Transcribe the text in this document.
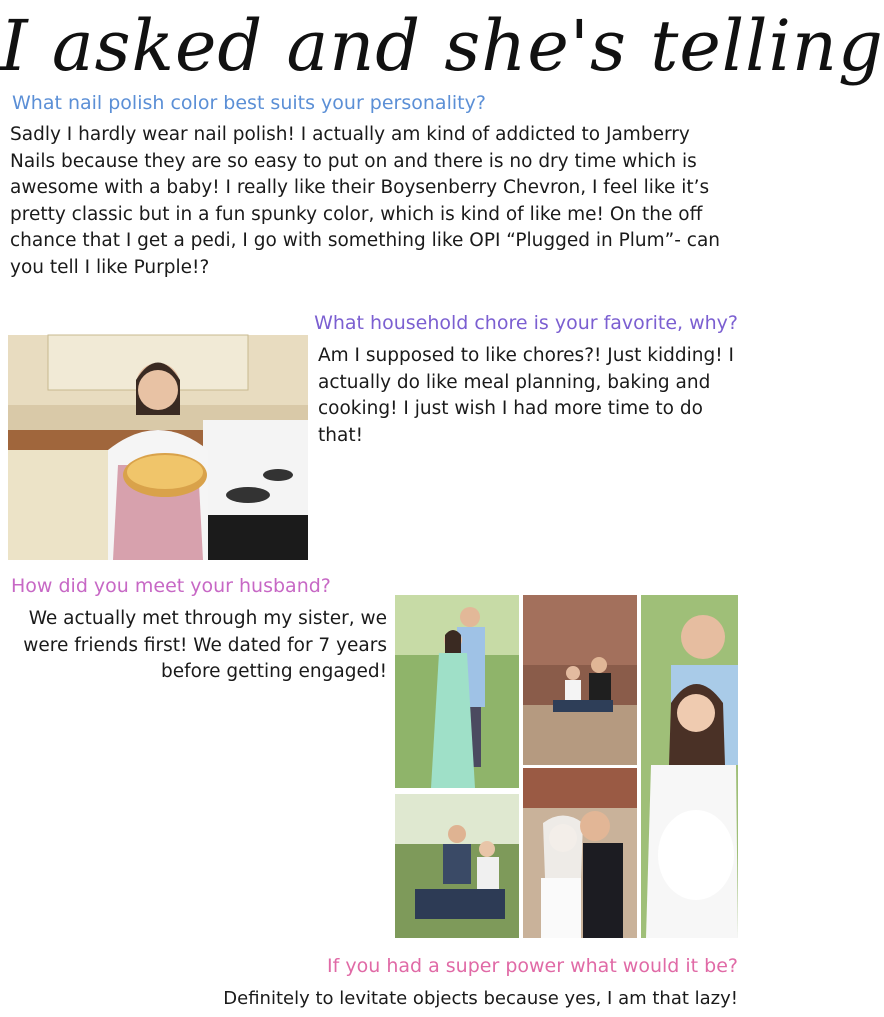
I asked and she's telling
What nail polish color best suits your personality?
Sadly I hardly wear nail polish! I actually am kind of addicted to Jamberry Nails because they are so easy to put on and there is no dry time which is awesome with a baby! I really like their Boysenberry Chevron, I feel like it’s pretty classic but in a fun spunky color, which is kind of like me! On the off chance that I get a pedi, I go with something like OPI “Plugged in Plum”- can you tell I like Purple!?
What household chore is your favorite, why?
Am I supposed to like chores?! Just kidding! I actually do like meal planning, baking and cooking! I just wish I had more time to do that!
How did you meet your husband?
We actually met through my sister, we were friends first! We dated for 7 years before getting engaged!
If you had a super power what would it be?
Definitely to levitate objects because yes, I am that lazy!
